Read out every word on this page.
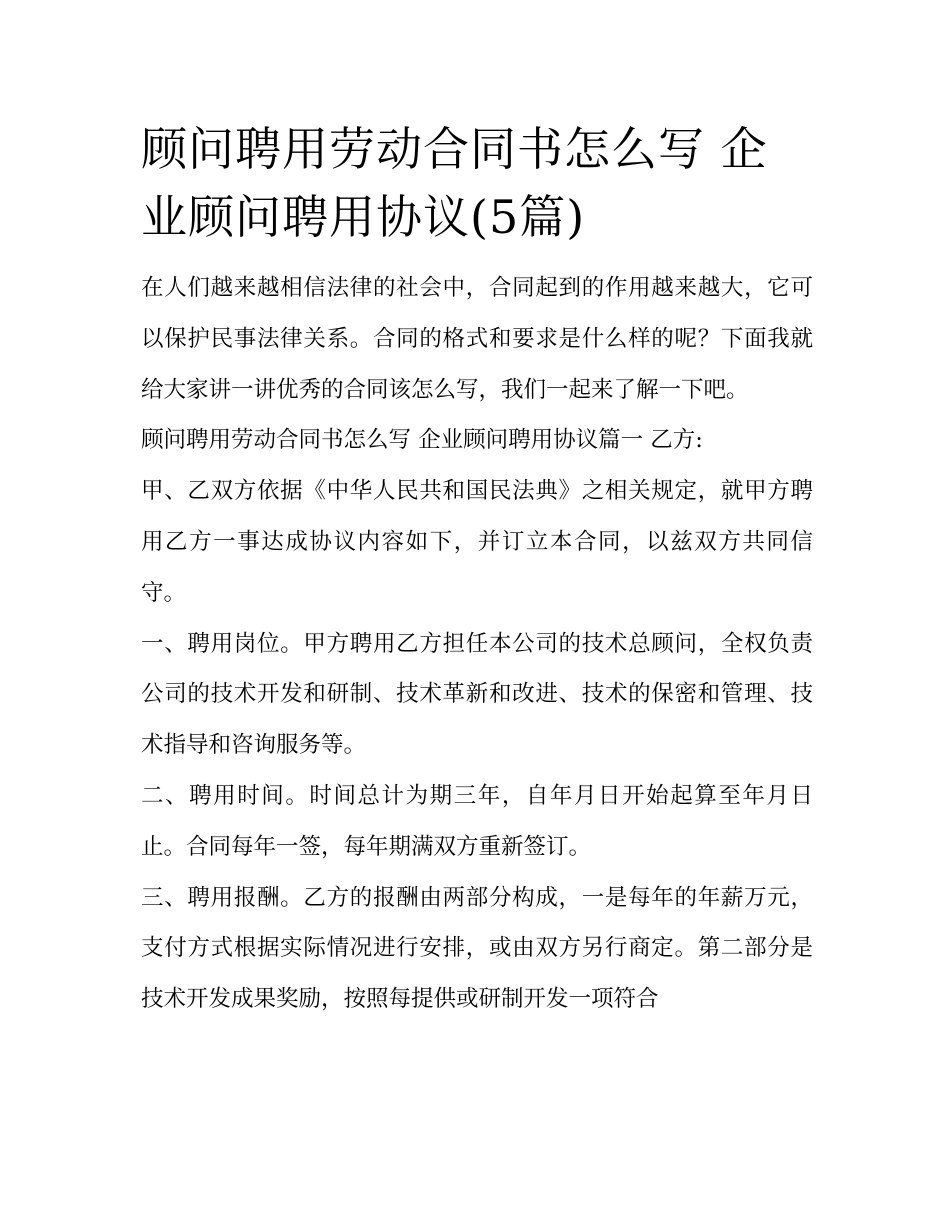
顾问聘用劳动合同书怎么写 企业顾问聘用协议(5篇)

在人们越来越相信法律的社会中，合同起到的作用越来越大，它可以保护民事法律关系。合同的格式和要求是什么样的呢？下面我就给大家讲一讲优秀的合同该怎么写，我们一起来了解一下吧。

顾问聘用劳动合同书怎么写 企业顾问聘用协议篇一 乙方:

甲、乙双方依据《中华人民共和国民法典》之相关规定，就甲方聘用乙方一事达成协议内容如下，并订立本合同，以兹双方共同信守。

一、聘用岗位。甲方聘用乙方担任本公司的技术总顾问，全权负责公司的技术开发和研制、技术革新和改进、技术的保密和管理、技术指导和咨询服务等。

二、聘用时间。时间总计为期三年，自年月日开始起算至年月日止。合同每年一签，每年期满双方重新签订。

三、聘用报酬。乙方的报酬由两部分构成，一是每年的年薪万元，支付方式根据实际情况进行安排，或由双方另行商定。第二部分是技术开发成果奖励，按照每提供或研制开发一项符合
